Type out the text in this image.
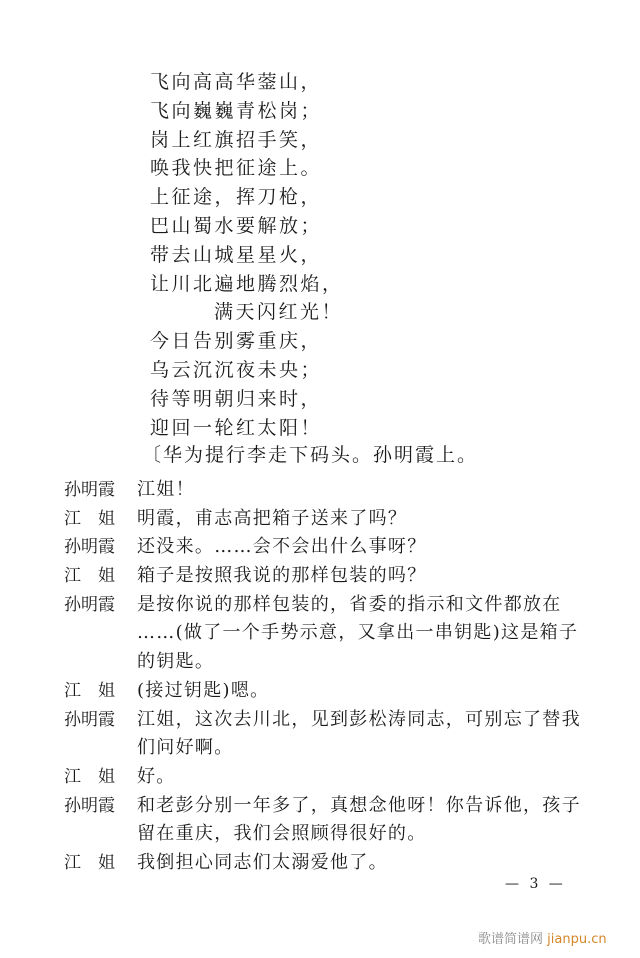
飞向高高华蓥山，
飞向巍巍青松岗；
岗上红旗招手笑，
唤我快把征途上。
上征途，挥刀枪，
巴山蜀水要解放；
带去山城星星火，
让川北遍地腾烈焰，
满天闪红光！
今日告别雾重庆，
乌云沉沉夜未央；
待等明朝归来时，
迎回一轮红太阳！
〔华为提行李走下码头。孙明霞上。
孙明霞	江姐！
江　姐	明霞，甫志高把箱子送来了吗？
孙明霞	还没来。……会不会出什么事呀？
江　姐	箱子是按照我说的那样包装的吗？
孙明霞	是按你说的那样包装的，省委的指示和文件都放在
……(做了一个手势示意，又拿出一串钥匙)这是箱子
的钥匙。
江　姐	(接过钥匙)嗯。
孙明霞	江姐，这次去川北，见到彭松涛同志，可别忘了替我
们问好啊。
江　姐	好。
孙明霞	和老彭分别一年多了，真想念他呀！你告诉他，孩子
留在重庆，我们会照顾得很好的。
江　姐	我倒担心同志们太溺爱他了。
— 3 —
歌谱简谱网 jianpu.cn
